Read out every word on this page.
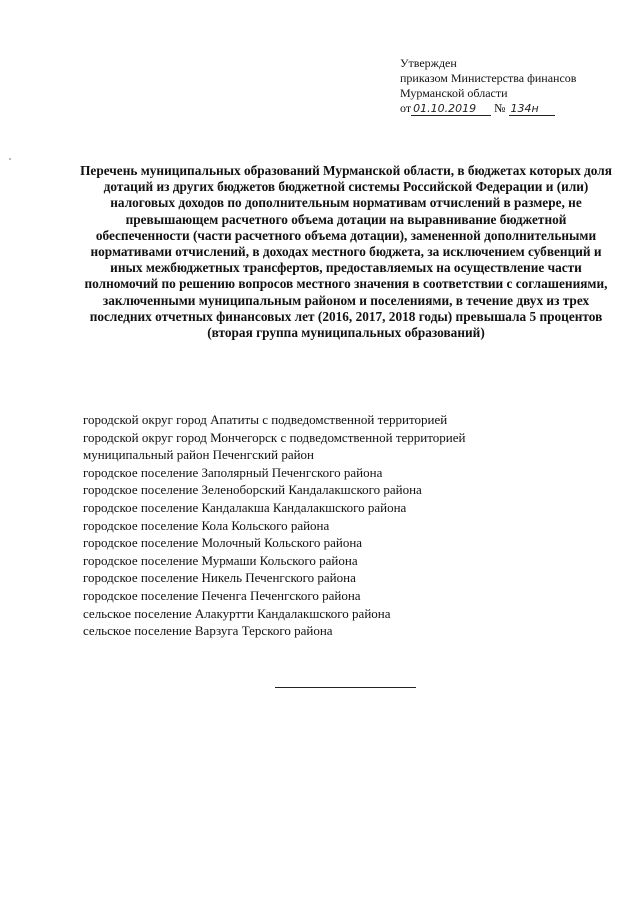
Утвержден
приказом Министерства финансов
Мурманской области
от 01.10.2019 № 134н
Перечень муниципальных образований Мурманской области, в бюджетах которых доля дотаций из других бюджетов бюджетной системы Российской Федерации и (или) налоговых доходов по дополнительным нормативам отчислений в размере, не превышающем расчетного объема дотации на выравнивание бюджетной обеспеченности (части расчетного объема дотации), замененной дополнительными нормативами отчислений, в доходах местного бюджета, за исключением субвенций и иных межбюджетных трансфертов, предоставляемых на осуществление части полномочий по решению вопросов местного значения в соответствии с соглашениями, заключенными муниципальным районом и поселениями, в течение двух из трех последних отчетных финансовых лет (2016, 2017, 2018 годы) превышала 5 процентов
(вторая группа муниципальных образований)
городской округ город Апатиты с подведомственной территорией
городской округ город Мончегорск с подведомственной территорией
муниципальный район Печенгский район
городское поселение Заполярный Печенгского района
городское поселение Зеленоборский Кандалакшского района
городское поселение Кандалакша Кандалакшского района
городское поселение Кола Кольского района
городское поселение Молочный Кольского района
городское поселение Мурмаши Кольского района
городское поселение Никель Печенгского района
городское поселение Печенга Печенгского района
сельское поселение Алакуртти Кандалакшского района
сельское поселение Варзуга Терского района
